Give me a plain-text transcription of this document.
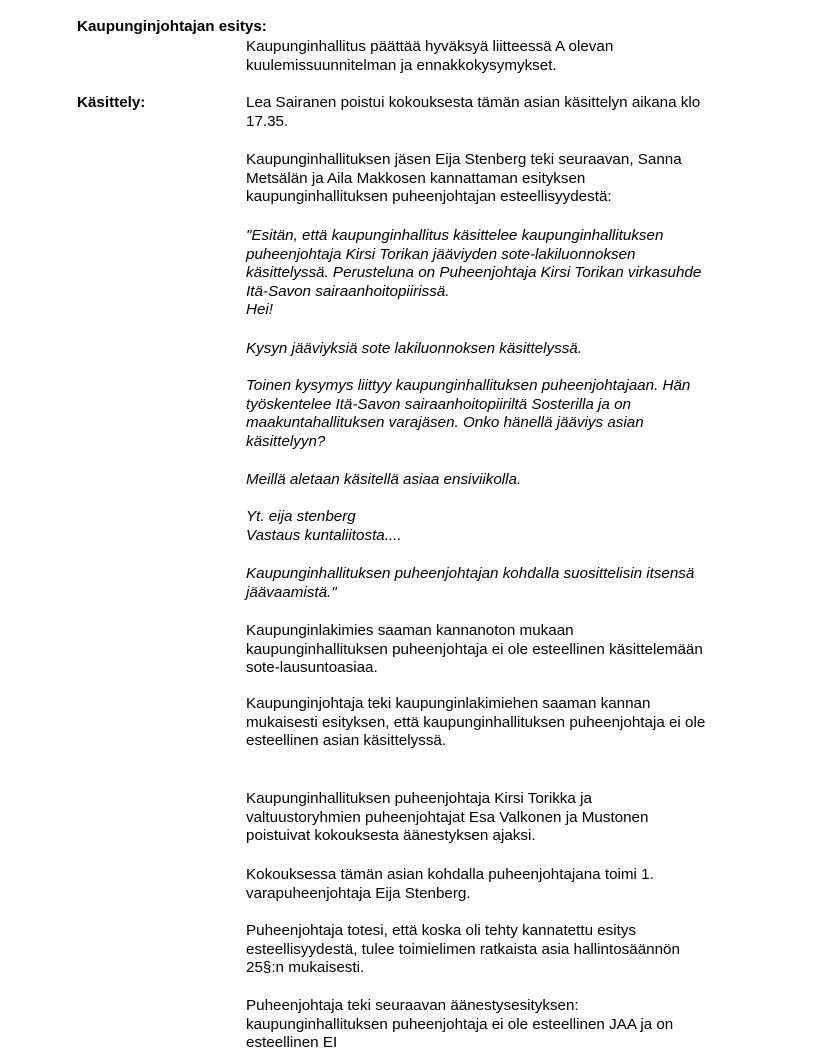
Kaupunginjohtajan esitys:

Käsittely:

Kaupunginhallitus päättää hyväksyä liitteessä A olevan
kuulemissuunnitelman ja ennakkokysymykset.

Lea Sairanen poistui kokouksesta tämän asian käsittelyn aikana klo
17.35.

Kaupunginhallituksen jäsen Eija Stenberg teki seuraavan, Sanna
Metsälän ja Aila Makkosen kannattaman esityksen
kaupunginhallituksen puheenjohtajan esteellisyydestä:

"Esitän, että kaupunginhallitus käsittelee kaupunginhallituksen
puheenjohtaja Kirsi Torikan jääviyden sote-lakiluonnoksen
käsittelyssä. Perusteluna on Puheenjohtaja Kirsi Torikan virkasuhde
Itä-Savon sairaanhoitopiirissä.
Hei!

Kysyn jääviyksiä sote lakiluonnoksen käsittelyssä.

Toinen kysymys liittyy kaupunginhallituksen puheenjohtajaan. Hän
työskentelee Itä-Savon sairaanhoitopiiriltä Sosterilla ja on
maakuntahallituksen varajäsen. Onko hänellä jääviys asian
käsittelyyn?

Meillä aletaan käsitellä asiaa ensiviikolla.

Yt. eija stenberg
Vastaus kuntaliitosta....

Kaupunginhallituksen puheenjohtajan kohdalla suosittelisin itsensä
jäävaamistä."

Kaupunginlakimies saaman kannanoton mukaan
kaupunginhallituksen puheenjohtaja ei ole esteellinen käsittelemään
sote-lausuntoasiaa.

Kaupunginjohtaja teki kaupunginlakimiehen saaman kannan
mukaisesti esityksen, että kaupunginhallituksen puheenjohtaja ei ole
esteellinen asian käsittelyssä.

Kaupunginhallituksen puheenjohtaja Kirsi Torikka ja
valtuustoryhmien puheenjohtajat Esa Valkonen ja Mustonen
poistuivat kokouksesta äänestyksen ajaksi.

Kokouksessa tämän asian kohdalla puheenjohtajana toimi 1.
varapuheenjohtaja Eija Stenberg.

Puheenjohtaja totesi, että koska oli tehty kannatettu esitys
esteellisyydestä, tulee toimielimen ratkaista asia hallintosäännön
25§:n mukaisesti.

Puheenjohtaja teki seuraavan äänestysesityksen:
kaupunginhallituksen puheenjohtaja ei ole esteellinen JAA ja on
esteellinen EI
